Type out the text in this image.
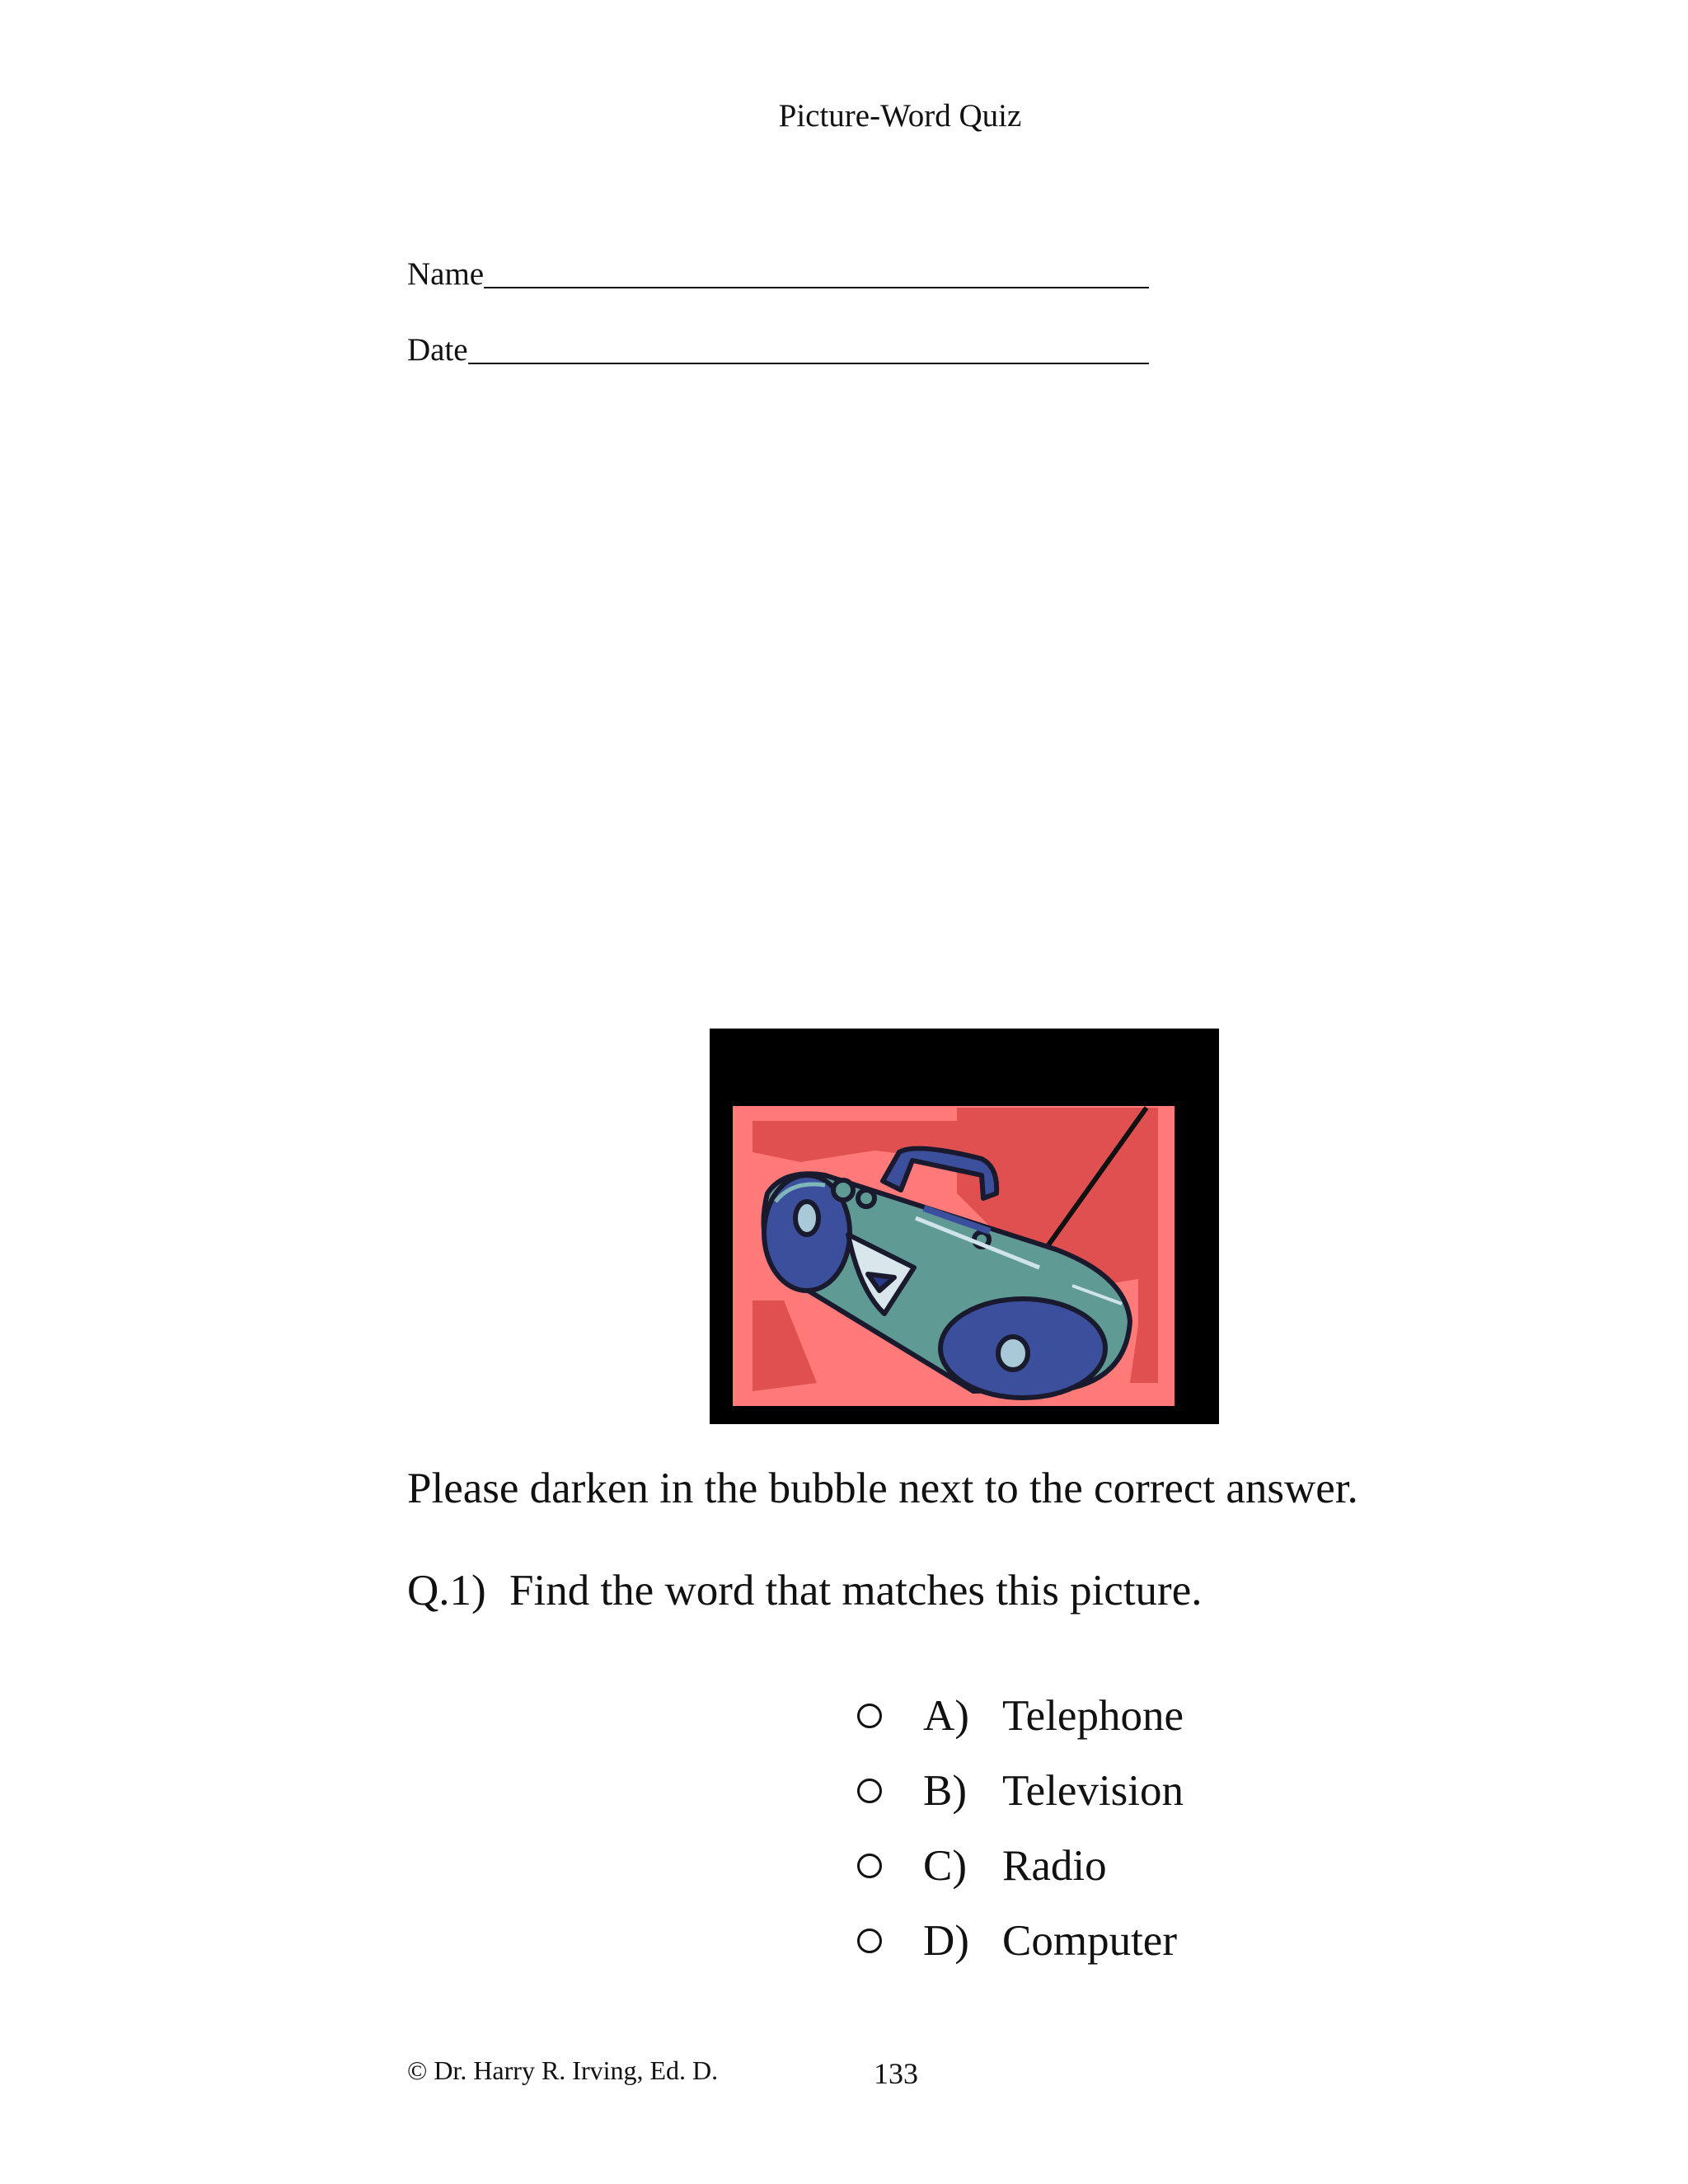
Picture-Word Quiz
Name
Date
Please darken in the bubble next to the correct answer.
Q.1) Find the word that matches this picture.
A) Telephone
B) Television
C) Radio
D) Computer
© Dr. Harry R. Irving, Ed. D.	133
